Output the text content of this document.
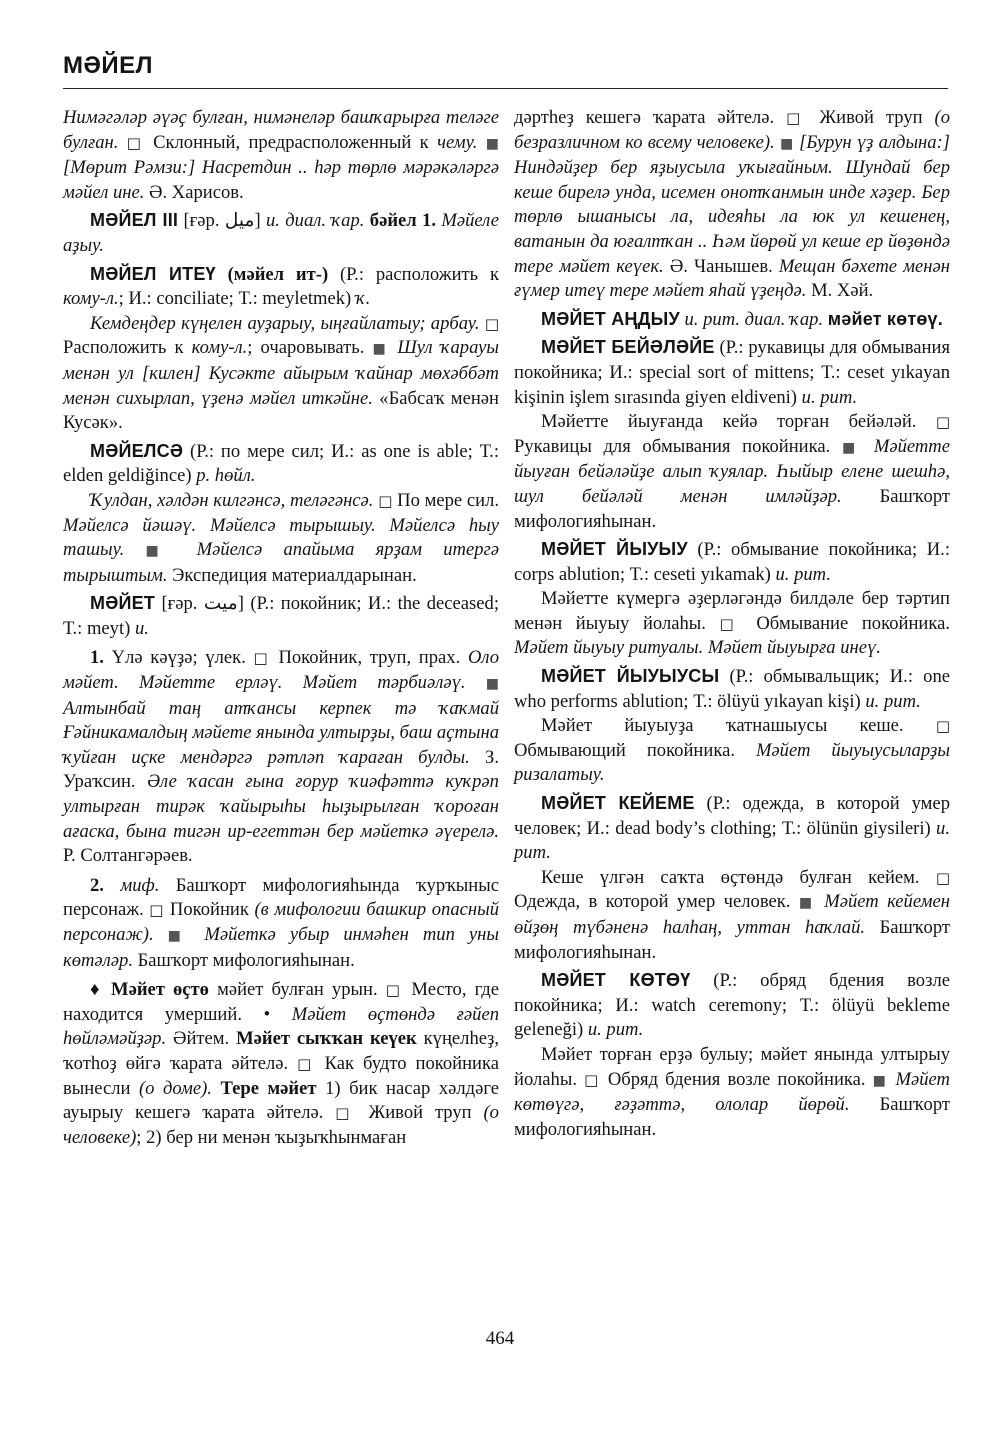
МӘЙЕЛ

Нимәгәләр әүәҫ булған, нимәнеләр башҡарырға теләге булған. □ Склонный, предрасположенный к чему. ■ [Мөрит Рәмзи:] Насретдин .. һәр төрлө мәрәкәләргә мәйел ине. Ә. Харисов.

МӘЙЕЛ III [ғәр. میل] и. диал. ҡар. бәйел 1. Мәйеле аҙыу.

МӘЙЕЛ ИТЕҮ (мәйел ит-) (Р.: расположить к кому-л.; И.: conciliate; Т.: meyletmek) ҡ.

Кемдеңдер күңелен ауҙарыу, ыңғайлатыу; арбау. □ Расположить к кому-л.; очаровывать. ■ Шул ҡарауы менән ул [килен] Кусәкте айырым ҡайнар мөхәббәт менән сихырлап, үҙенә мәйел иткәйне. «Бабсаҡ менән Кусәк».

МӘЙЕЛСӘ (Р.: по мере сил; И.: as one is able; Т.: elden geldiğince) р. һөйл.

Ҡулдан, хәлдән килгәнсә, теләгәнсә. □ По мере сил. Мәйелсә йәшәү. Мәйелсә тырышыу. Мәйелсә һыу ташыу. ■ Мәйелсә апайыма ярҙам итергә тырыштым. Экспедиция материалдарынан.

МӘЙЕТ [ғәр. میت] (Р.: покойник; И.: the deceased; Т.: meyt) и.

1. Үлә кәүҙә; үлек. □ Покойник, труп, прах. Оло мәйет. Мәйетте ерләү. Мәйет тәрбиәләү. ■ Алтынбай таң атҡансы керпек тә ҡаҡмай Ғәйникамалдың мәйете янында ултырҙы, баш аҫтына ҡуйған иҫке мендәргә рәтләп ҡараған булды. З. Ураҡсин. Әле ҡасан ғына ғорур ҡиәфәттә куҡрәп ултырған тирәк ҡайырыһы һыҙырылған ҡороған ағаска, бына тигән ир-егеттән бер мәйеткә әүерелә. Р. Солтангәрәев.

2. миф. Башҡорт мифологияһында ҡурҡыныс персонаж. □ Покойник (в мифологии башкир опасный персонаж). ■ Мәйеткә убыр инмәһен тип уны көтәләр. Башҡорт мифологияһынан.

♦ Мәйет өҫтө мәйет булған урын. □ Место, где находится умерший. • Мәйет өҫтөндә ғәйеп һөйләмәйҙәр. Әйтем. Мәйет сыҡҡан кеүек күңелһеҙ, ҡотһоҙ өйгә ҡарата әйтелә. □ Как будто покойника вынесли (о доме). Тере мәйет 1) бик насар хәлдәге ауырыу кешегә ҡарата әйтелә. □ Живой труп (о человеке); 2) бер ни менән ҡыҙыҡһынмаған

дәртһеҙ кешегә ҡарата әйтелә. □ Живой труп (о безразличном ко всему человеке). ■ [Бурун үҙ алдына:] Ниндәйҙер бер яҙыусыла уҡығайным. Шундай бер кеше бирелә унда, исемен онотҡанмын инде хәҙер. Бер төрлө ышанысы ла, идеяһы ла юк ул кешенең, ватанын да юғалтҡан .. Һәм йөрөй ул кеше ер йөҙөндә тере мәйет кеүек. Ә. Чанышев. Мещан бәхете менән ғүмер итеү тере мәйет яһай үҙеңдә. М. Хәй.

МӘЙЕТ АҢДЫУ и. рит. диал. ҡар. мәйет көтөү.

МӘЙЕТ БЕЙӘЛӘЙЕ (Р.: рукавицы для обмывания покойника; И.: special sort of mittens; Т.: ceset yıkayan kişinin işlem sırasında giyen eldiveni) и. рит.

Мәйетте йыуғанда кейә торған бейәләй. □ Рукавицы для обмывания покойника. ■ Мәйетте йыуған бейәләйҙе алып ҡуялар. Һыйыр елене шешһә, шул бейәләй менән имләйҙәр. Башҡорт мифологияһынан.

МӘЙЕТ ЙЫУЫУ (Р.: обмывание покойника; И.: corps ablution; Т.: ceseti yıkamak) и. рит.

Мәйетте күмергә әҙерләгәндә билдәле бер тәртип менән йыуыу йолаһы. □ Обмывание покойника. Мәйет йыуыу ритуалы. Мәйет йыуырға инеү.

МӘЙЕТ ЙЫУЫУСЫ (Р.: обмывальщик; И.: one who performs ablution; Т.: ölüyü yıkayan kişi) и. рит.

Мәйет йыуыуҙа ҡатнашыусы кеше. □ Обмывающий покойника. Мәйет йыуыусыларҙы ризалатыу.

МӘЙЕТ КЕЙЕМЕ (Р.: одежда, в которой умер человек; И.: dead body’s clothing; Т.: ölünün giysileri) и. рит.

Кеше үлгән саҡта өҫтөндә булған кейем. □ Одежда, в которой умер человек. ■ Мәйет кейемен өйҙөң түбәненә һалһаң, уттан һаҡлай. Башҡорт мифологияһынан.

МӘЙЕТ КӨТӨҮ (Р.: обряд бдения возле покойника; И.: watch ceremony; Т.: ölüyü bekleme geleneği) и. рит.

Мәйет торған ерҙә булыу; мәйет янында ултырыу йолаһы. □ Обряд бдения возле покойника. ■ Мәйет көтөүгә, ғәҙәттә, ололар йөрөй. Башҡорт мифологияһынан.

464
